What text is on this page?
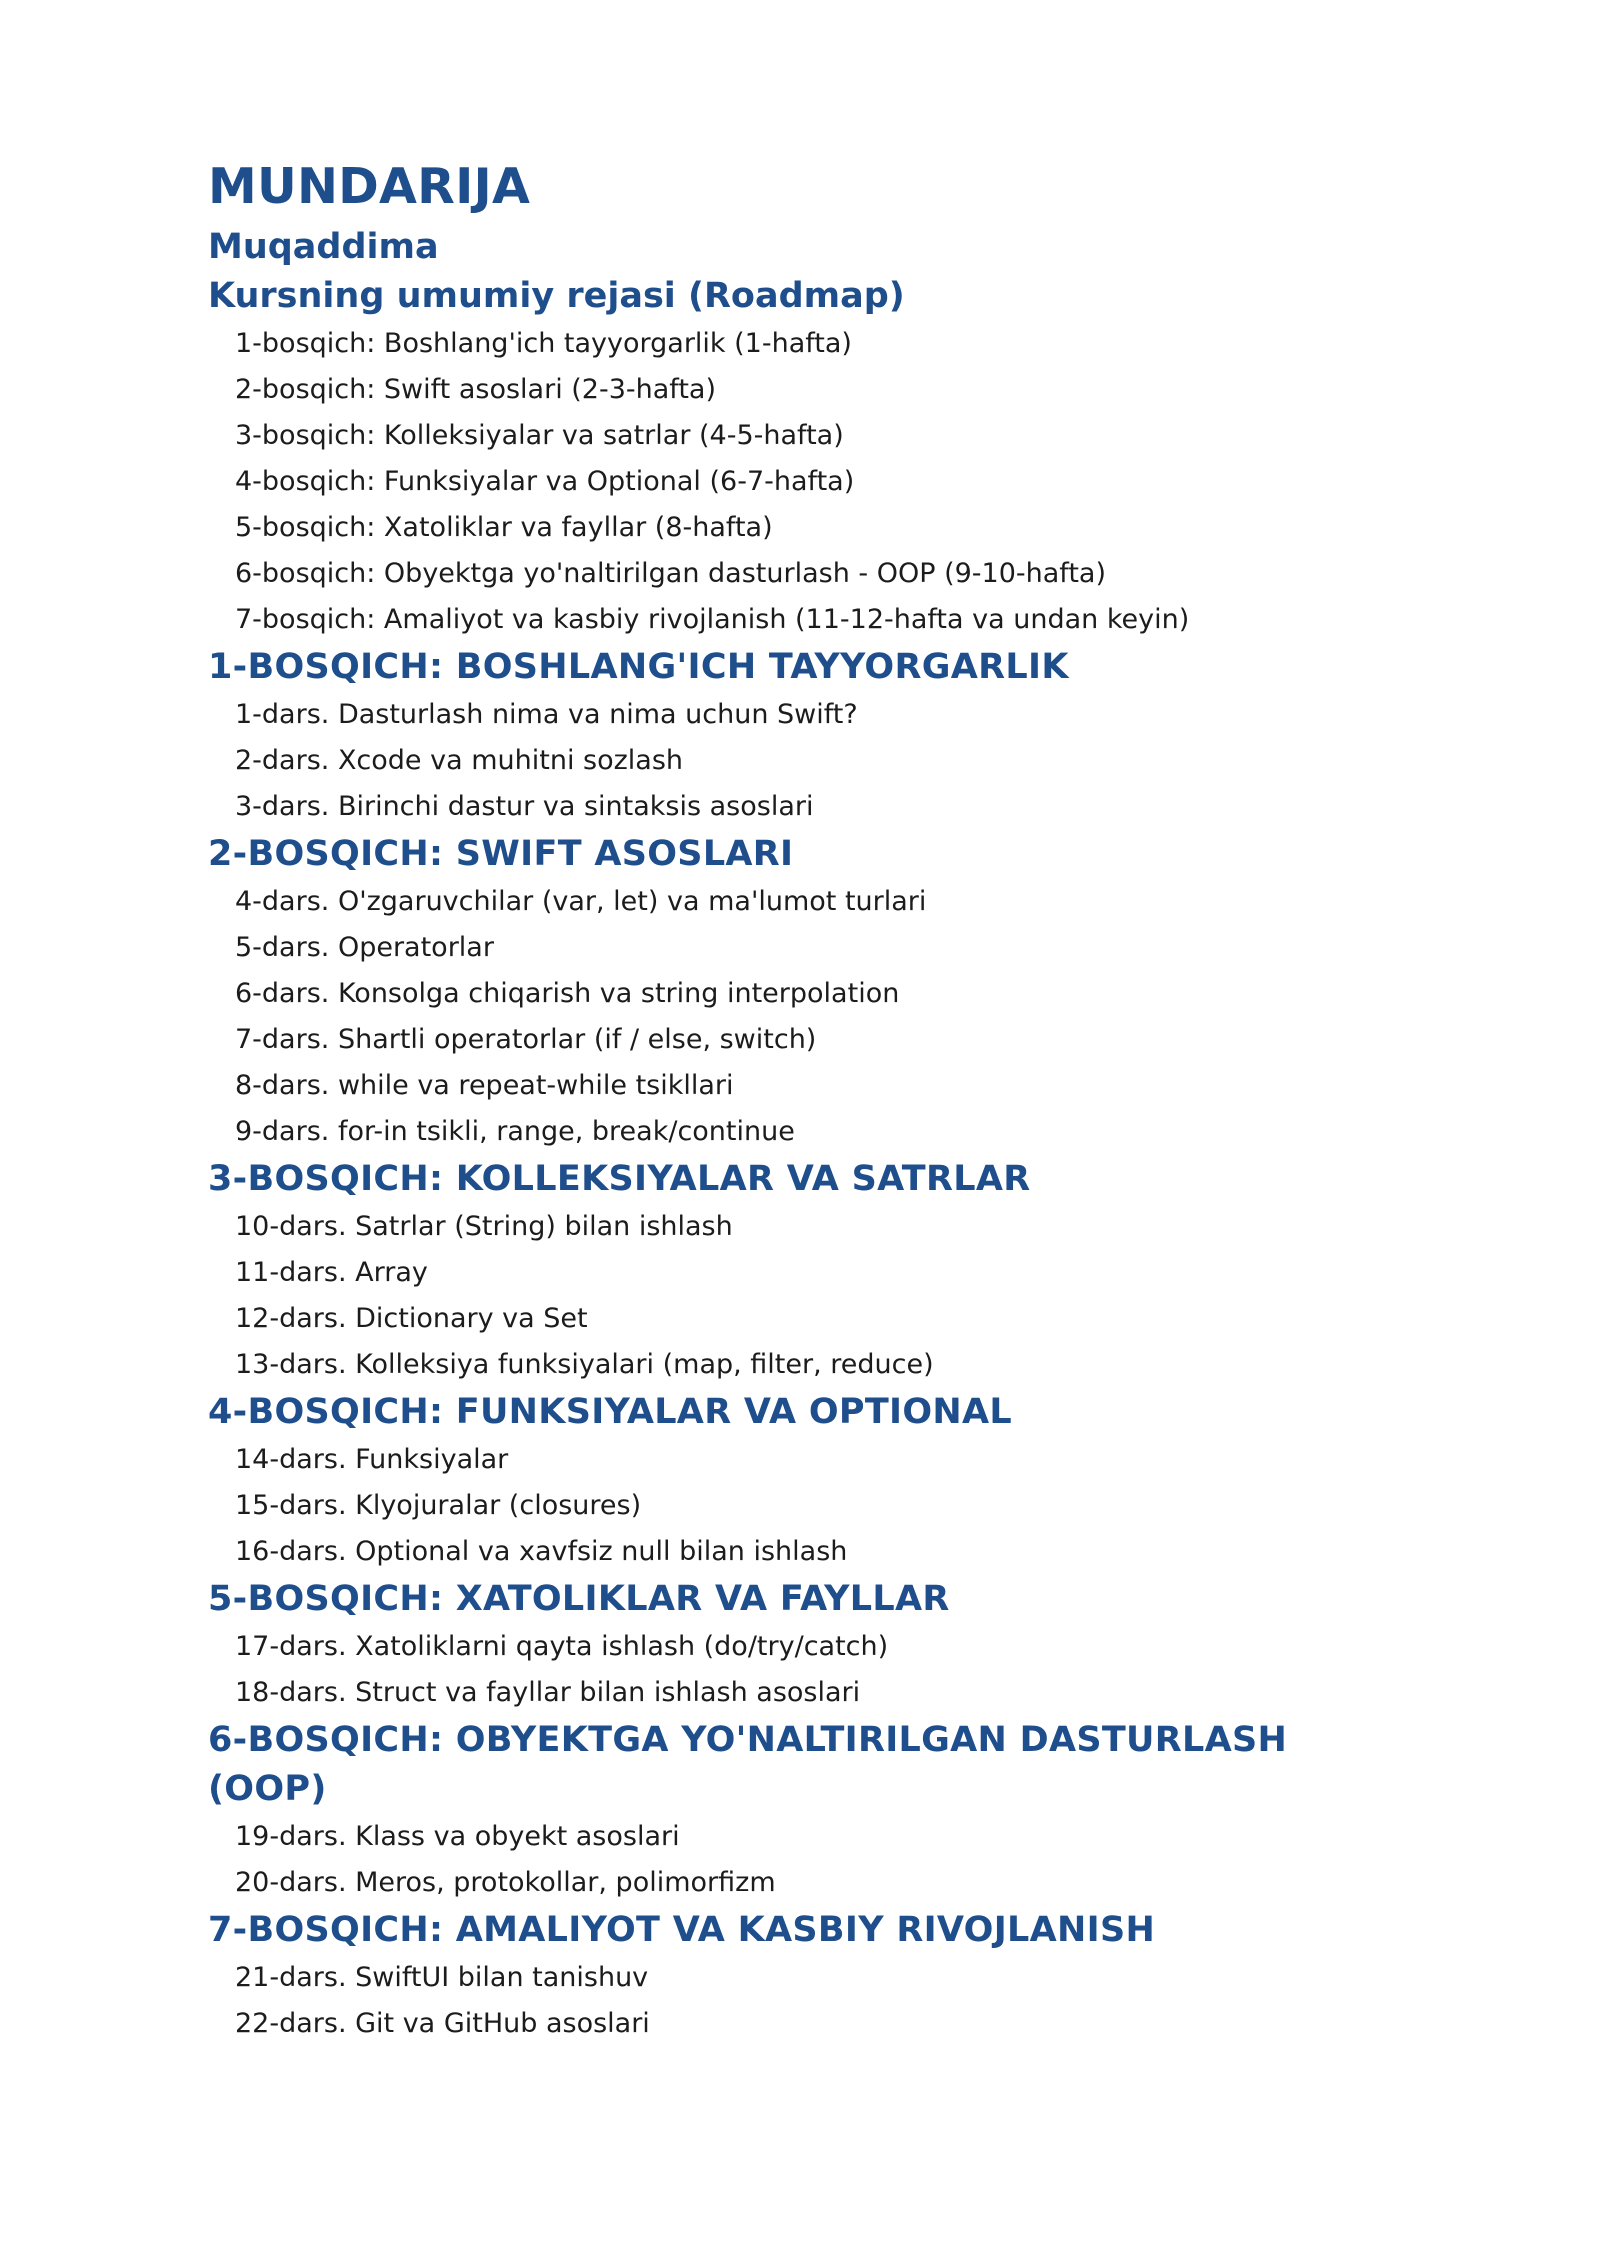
MUNDARIJA
Muqaddima
Kursning umumiy rejasi (Roadmap)

1-bosqich: Boshlang'ich tayyorgarlik (1-hafta)

2-bosqich: Swift asoslari (2-3-hafta)

3-bosqich: Kolleksiyalar va satrlar (4-5-hafta)

4-bosqich: Funksiyalar va Optional (6-7-hafta)

5-bosqich: Xatoliklar va fayllar (8-hafta)

6-bosqich: Obyektga yo'naltirilgan dasturlash - OOP (9-10-hafta)

7-bosqich: Amaliyot va kasbiy rivojlanish (11-12-hafta va undan keyin)

1-BOSQICH: BOSHLANG'ICH TAYYORGARLIK

1-dars. Dasturlash nima va nima uchun Swift?

2-dars. Xcode va muhitni sozlash

3-dars. Birinchi dastur va sintaksis asoslari

2-BOSQICH: SWIFT ASOSLARI

4-dars. O'zgaruvchilar (var, let) va ma'lumot turlari

5-dars. Operatorlar

6-dars. Konsolga chiqarish va string interpolation

7-dars. Shartli operatorlar (if / else, switch)

8-dars. while va repeat-while tsikllari

9-dars. for-in tsikli, range, break/continue

3-BOSQICH: KOLLEKSIYALAR VA SATRLAR

10-dars. Satrlar (String) bilan ishlash

11-dars. Array

12-dars. Dictionary va Set

13-dars. Kolleksiya funksiyalari (map, filter, reduce)

4-BOSQICH: FUNKSIYALAR VA OPTIONAL

14-dars. Funksiyalar

15-dars. Klyojuralar (closures)

16-dars. Optional va xavfsiz null bilan ishlash

5-BOSQICH: XATOLIKLAR VA FAYLLAR

17-dars. Xatoliklarni qayta ishlash (do/try/catch)

18-dars. Struct va fayllar bilan ishlash asoslari

6-BOSQICH: OBYEKTGA YO'NALTIRILGAN DASTURLASH (OOP)

19-dars. Klass va obyekt asoslari

20-dars. Meros, protokollar, polimorfizm

7-BOSQICH: AMALIYOT VA KASBIY RIVOJLANISH

21-dars. SwiftUI bilan tanishuv

22-dars. Git va GitHub asoslari
